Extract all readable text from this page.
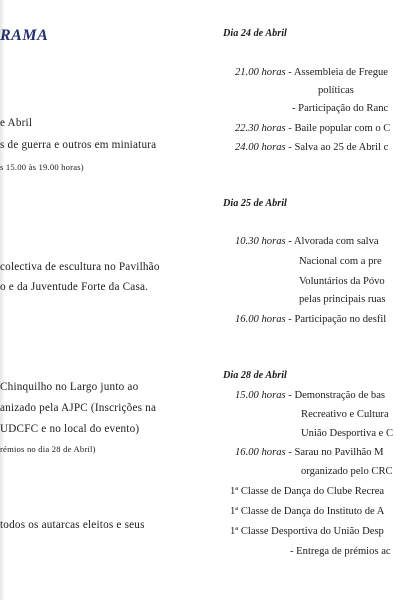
RAMA
e Abril
s de guerra e outros em miniatura
s 15.00 às 19.00 horas)
colectiva de escultura no Pavilhão
o e da Juventude Forte da Casa.
Chinquilho no Largo junto ao
anizado pela AJPC (Inscrições na
UDCFC e no local do evento)
rémios no dia 28 de Abril)
todos os autarcas eleitos e seus
Dia 24 de Abril
21.00 horas - Assembleia de Fregue
políticas
- Participação do Ranc
22.30 horas - Baile popular com o C
24.00 horas - Salva ao 25 de Abril c
Dia 25 de Abril
10.30 horas - Alvorada com salva
Nacional com a pre
Voluntários da Póvo
pelas principais ruas
16.00 horas - Participação no desfil
Dia 28 de Abril
15.00 horas - Demonstração de bas
Recreativo e Cultura
União Desportiva e C
16.00 horas - Sarau no Pavilhão M
organizado pelo CRC
1ª Classe de Dança do Clube Recrea
1ª Classe de Dança do Instituto de A
1ª Classe Desportiva do União Desp
- Entrega de prémios ac
